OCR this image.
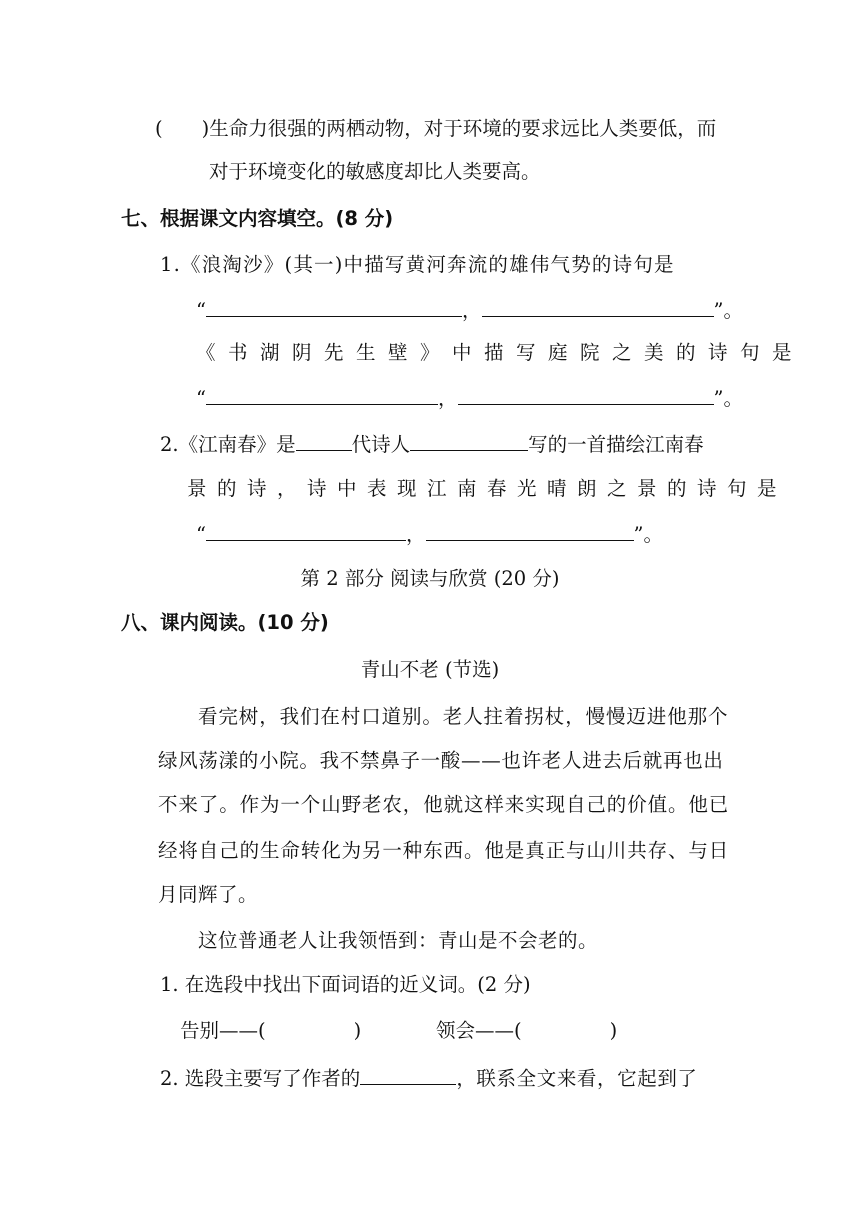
(　　)生命力很强的两栖动物，对于环境的要求远比人类要低，而
对于环境变化的敏感度却比人类要高。
七、根据课文内容填空。(8 分)
1.《浪淘沙》(其一)中描写黄河奔流的雄伟气势的诗句是
“	，	”。
《书湖阴先生壁》中描写庭院之美的诗句是
“	，	”。
2.《江南春》是	代诗人	写的一首描绘江南春
景的诗，诗中表现江南春光晴朗之景的诗句是
“	，	”。
第 2 部分 阅读与欣赏 (20 分)
八、课内阅读。(10 分)
青山不老 (节选)
看完树，我们在村口道别。老人拄着拐杖，慢慢迈进他那个
绿风荡漾的小院。我不禁鼻子一酸——也许老人进去后就再也出
不来了。作为一个山野老农，他就这样来实现自己的价值。他已
经将自己的生命转化为另一种东西。他是真正与山川共存、与日
月同辉了。
这位普通老人让我领悟到：青山是不会老的。
1. 在选段中找出下面词语的近义词。(2 分)
告别——(	)	领会——(	)
2. 选段主要写了作者的	，联系全文来看，它起到了
